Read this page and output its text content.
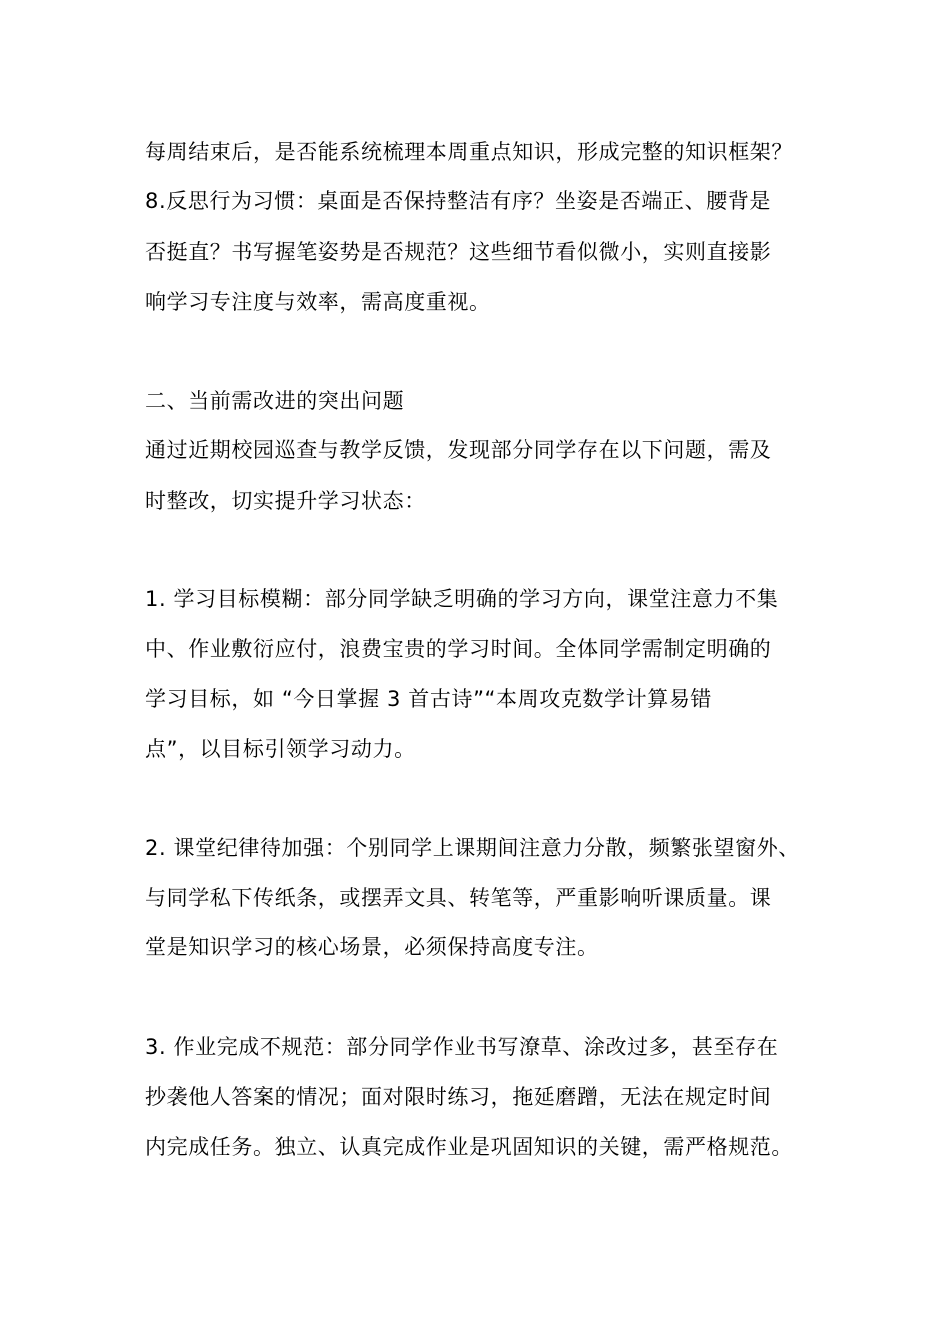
每周结束后，是否能系统梳理本周重点知识，形成完整的知识框架？
8.反思行为习惯：桌面是否保持整洁有序？坐姿是否端正、腰背是
否挺直？书写握笔姿势是否规范？这些细节看似微小，实则直接影
响学习专注度与效率，需高度重视。
二、当前需改进的突出问题
通过近期校园巡查与教学反馈，发现部分同学存在以下问题，需及
时整改，切实提升学习状态：
1. 学习目标模糊：部分同学缺乏明确的学习方向，课堂注意力不集
中、作业敷衍应付，浪费宝贵的学习时间。全体同学需制定明确的
学习目标，如 “今日掌握 3 首古诗”“本周攻克数学计算易错
点”，以目标引领学习动力。
2. 课堂纪律待加强：个别同学上课期间注意力分散，频繁张望窗外、
与同学私下传纸条，或摆弄文具、转笔等，严重影响听课质量。课
堂是知识学习的核心场景，必须保持高度专注。
3. 作业完成不规范：部分同学作业书写潦草、涂改过多，甚至存在
抄袭他人答案的情况；面对限时练习，拖延磨蹭，无法在规定时间
内完成任务。独立、认真完成作业是巩固知识的关键，需严格规范。
